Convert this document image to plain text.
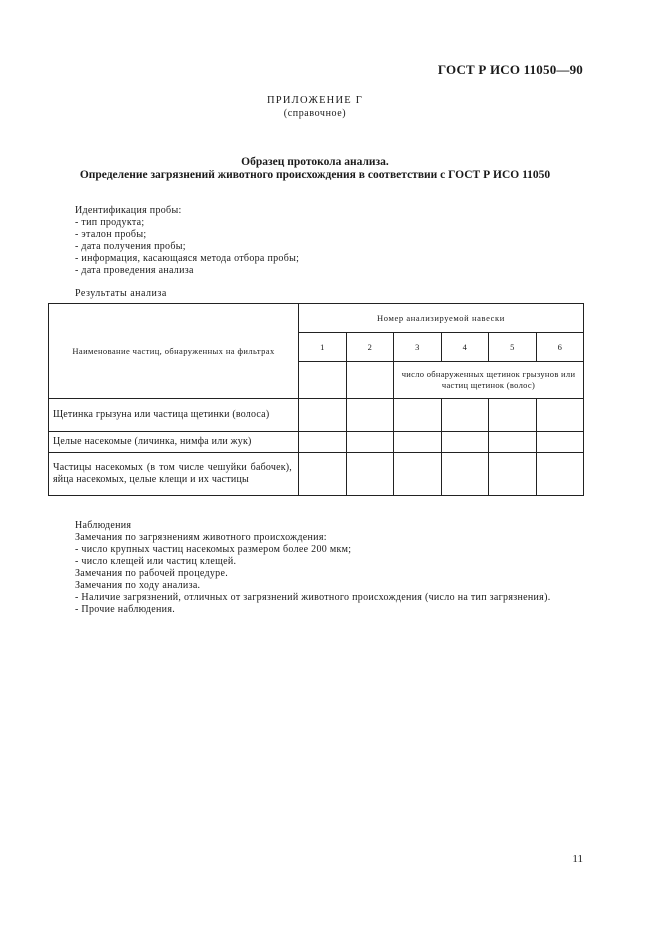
ГОСТ Р ИСО 11050—90
ПРИЛОЖЕНИЕ Г
(справочное)
Образец протокола анализа.
Определение загрязнений животного происхождения в соответствии с ГОСТ Р ИСО 11050
Идентификация пробы:
- тип продукта;
- эталон пробы;
- дата получения пробы;
- информация, касающаяся метода отбора пробы;
- дата проведения анализа
Результаты анализа
Наименование частиц, обнаруженных на фильтрах	Номер анализируемой навески					
	1	2	3	4	5	6
			число обнаруженных щетинок грызунов или частиц щетинок (волос)			
Щетинка грызуна или частица щетинки (волоса)						
Целые насекомые (личинка, нимфа или жук)						
Частицы насекомых (в том числе чешуйки бабочек), яйца насекомых, целые клещи и их частицы						
Наблюдения
Замечания по загрязнениям животного происхождения:
- число крупных частиц насекомых размером более 200 мкм;
- число клещей или частиц клещей.
Замечания по рабочей процедуре.
Замечания по ходу анализа.
- Наличие загрязнений, отличных от загрязнений животного происхождения (число на тип загрязнения).
- Прочие наблюдения.
11
